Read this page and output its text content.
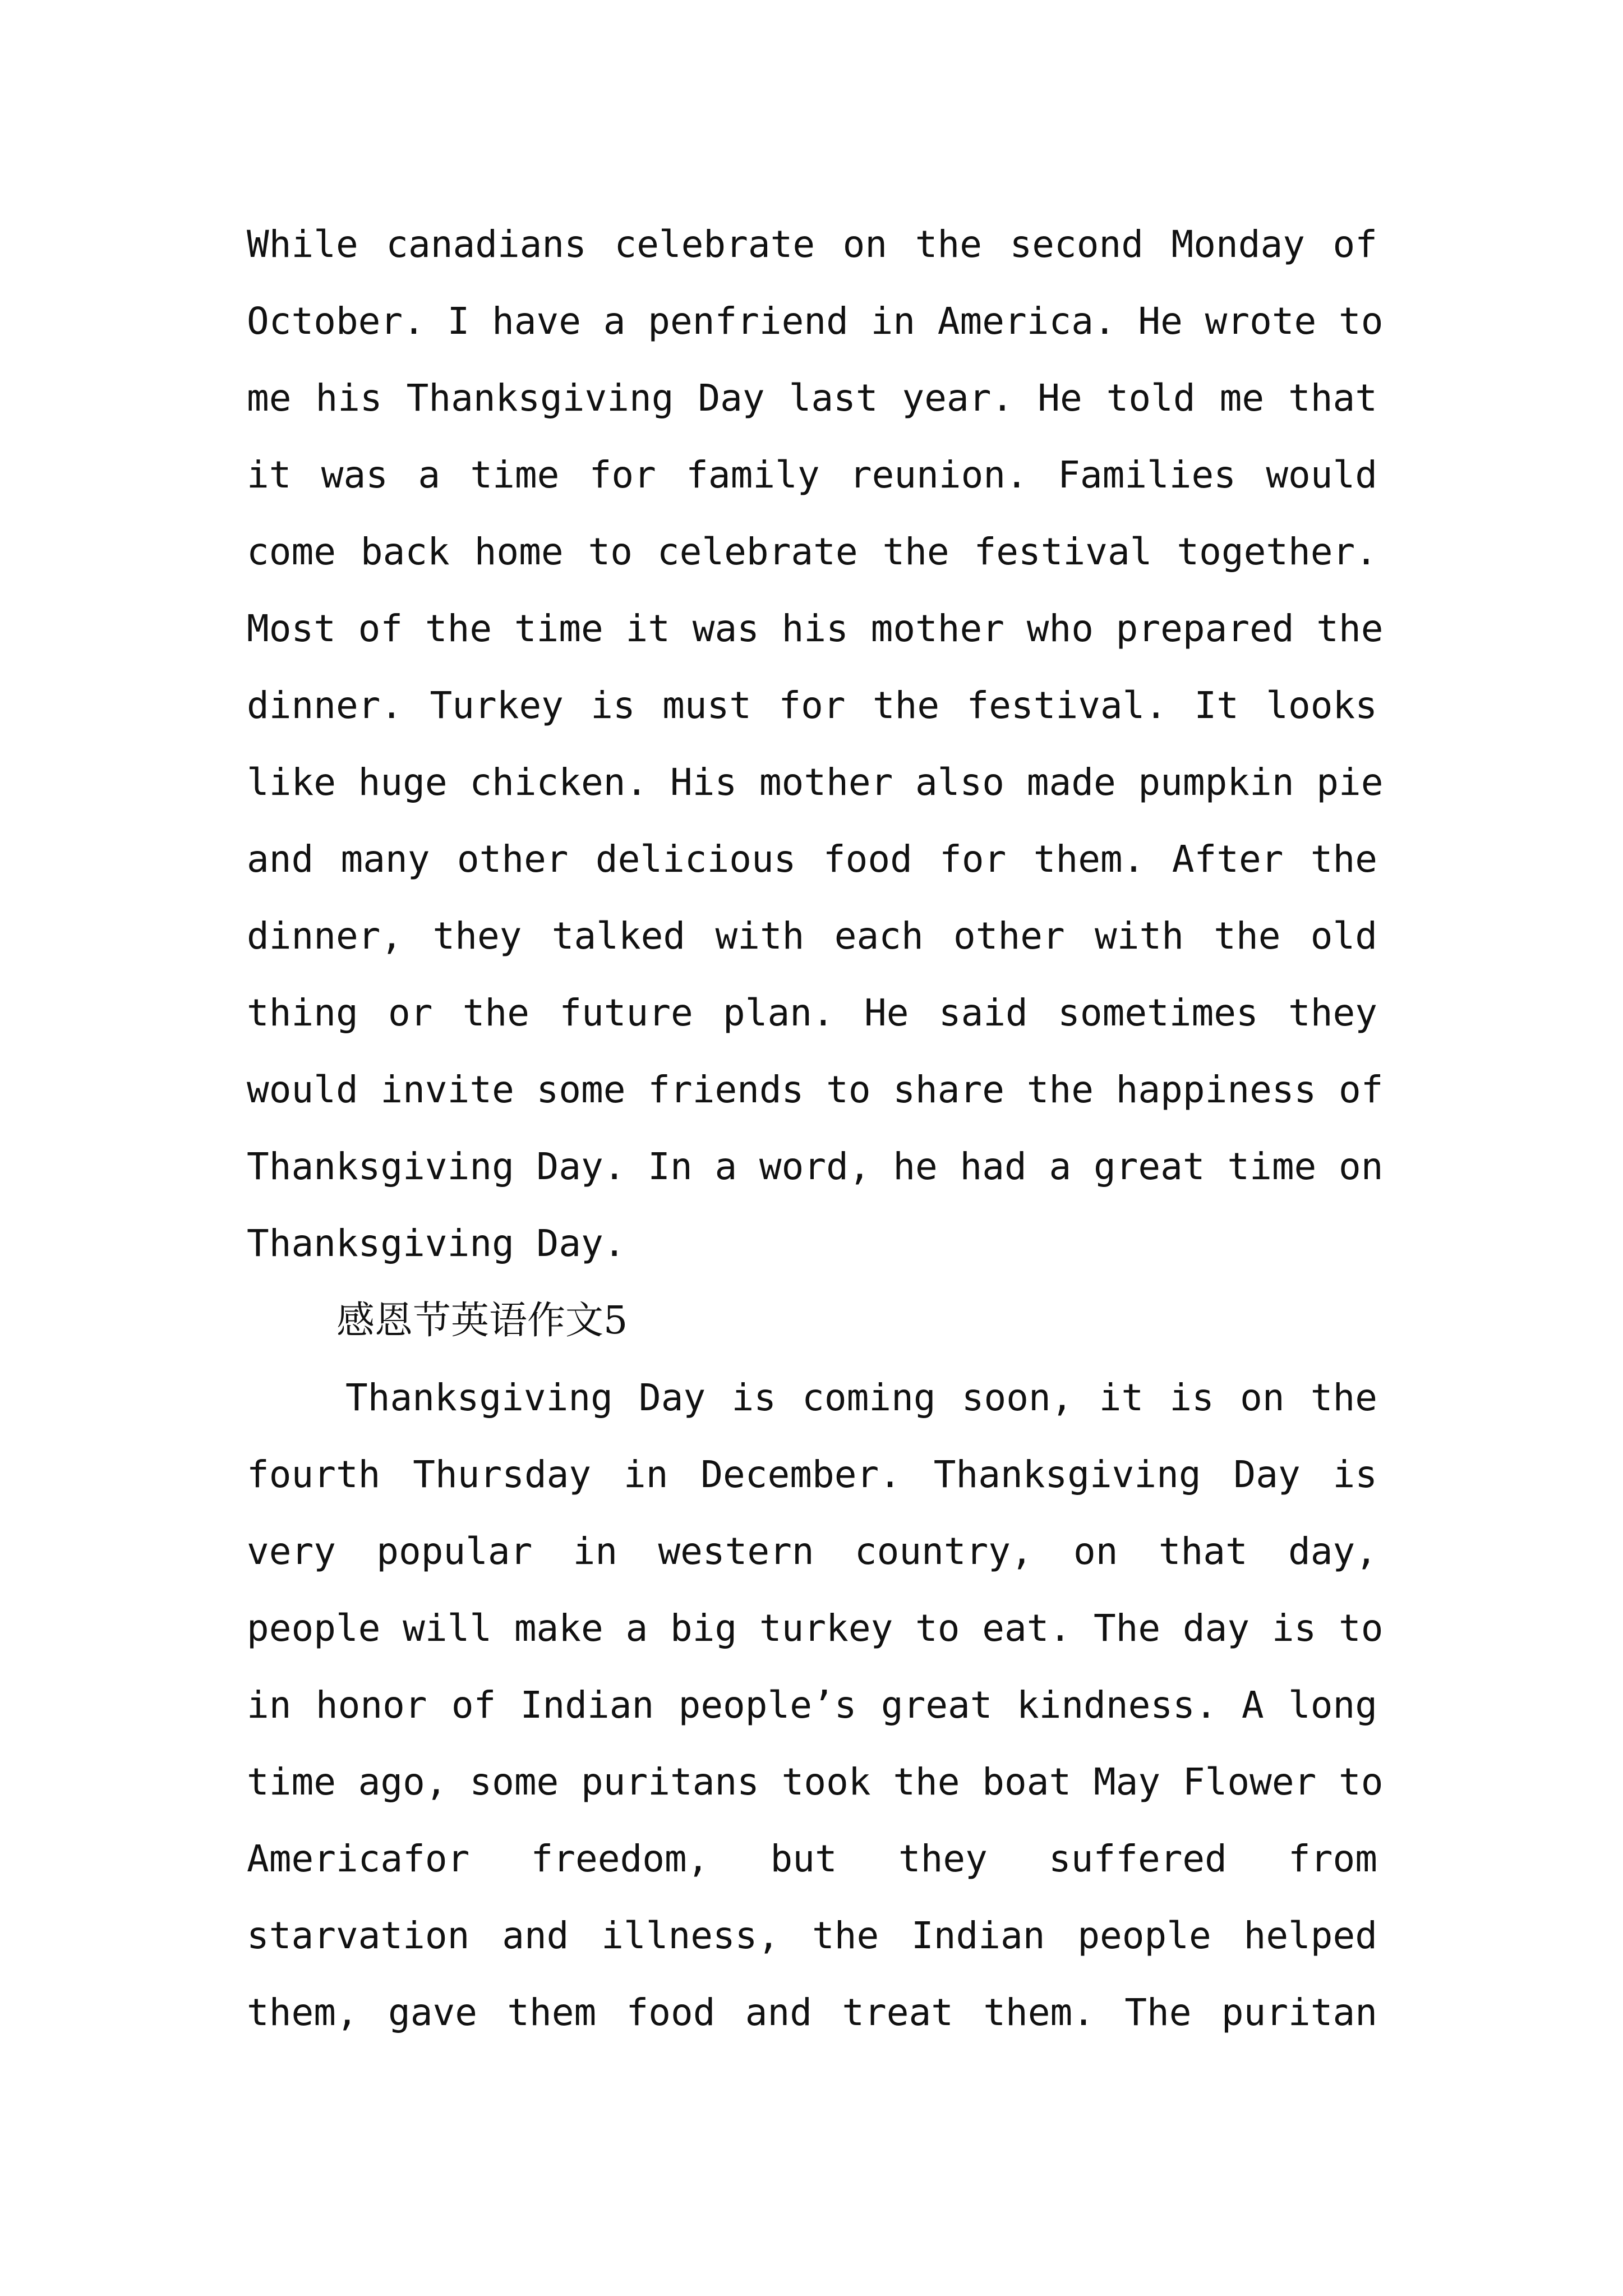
While canadians celebrate on the second Monday of
October. I have a penfriend in America. He wrote to
me his Thanksgiving Day last year. He told me that
it was a time for family reunion. Families would
come back home to celebrate the festival together.
Most of the time it was his mother who prepared the
dinner. Turkey is must for the festival. It looks
like huge chicken. His mother also made pumpkin pie
and many other delicious food for them. After the
dinner, they talked with each other with the old
thing or the future plan. He said sometimes they
would invite some friends to share the happiness of
Thanksgiving Day. In a word, he had a great time on
Thanksgiving Day.
感恩节英语作文5
Thanksgiving Day is coming soon, it is on the
fourth Thursday in December. Thanksgiving Day is
very popular in western country, on that day,
people will make a big turkey to eat. The day is to
in honor of Indian people’s great kindness. A long
time ago, some puritans took the boat May Flower to
Americafor freedom, but they suffered from
starvation and illness, the Indian people helped
them, gave them food and treat them. The puritan
